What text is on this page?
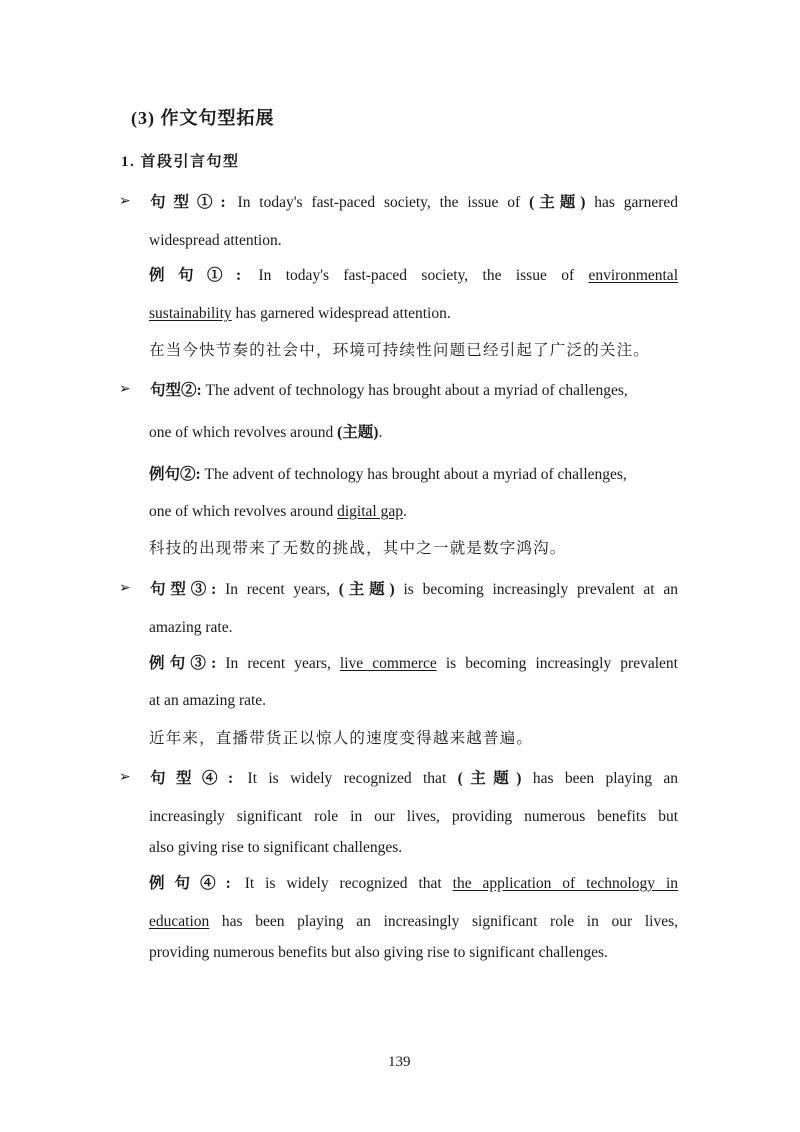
(3) 作文句型拓展
1. 首段引言句型
➢ 句型①: In today's fast-paced society, the issue of (主题) has garnered
widespread attention.
例句①: In today's fast-paced society, the issue of environmental
sustainability has garnered widespread attention.
在当今快节奏的社会中，环境可持续性问题已经引起了广泛的关注。
➢ 句型②: The advent of technology has brought about a myriad of challenges,
one of which revolves around (主题).
例句②: The advent of technology has brought about a myriad of challenges,
one of which revolves around digital gap.
科技的出现带来了无数的挑战，其中之一就是数字鸿沟。
➢ 句型③: In recent years, (主题) is becoming increasingly prevalent at an
amazing rate.
例句③: In recent years, live commerce is becoming increasingly prevalent
at an amazing rate.
近年来，直播带货正以惊人的速度变得越来越普遍。
➢ 句型④: It is widely recognized that (主题) has been playing an
increasingly significant role in our lives, providing numerous benefits but
also giving rise to significant challenges.
例句④: It is widely recognized that the application of technology in
education has been playing an increasingly significant role in our lives,
providing numerous benefits but also giving rise to significant challenges.
139
